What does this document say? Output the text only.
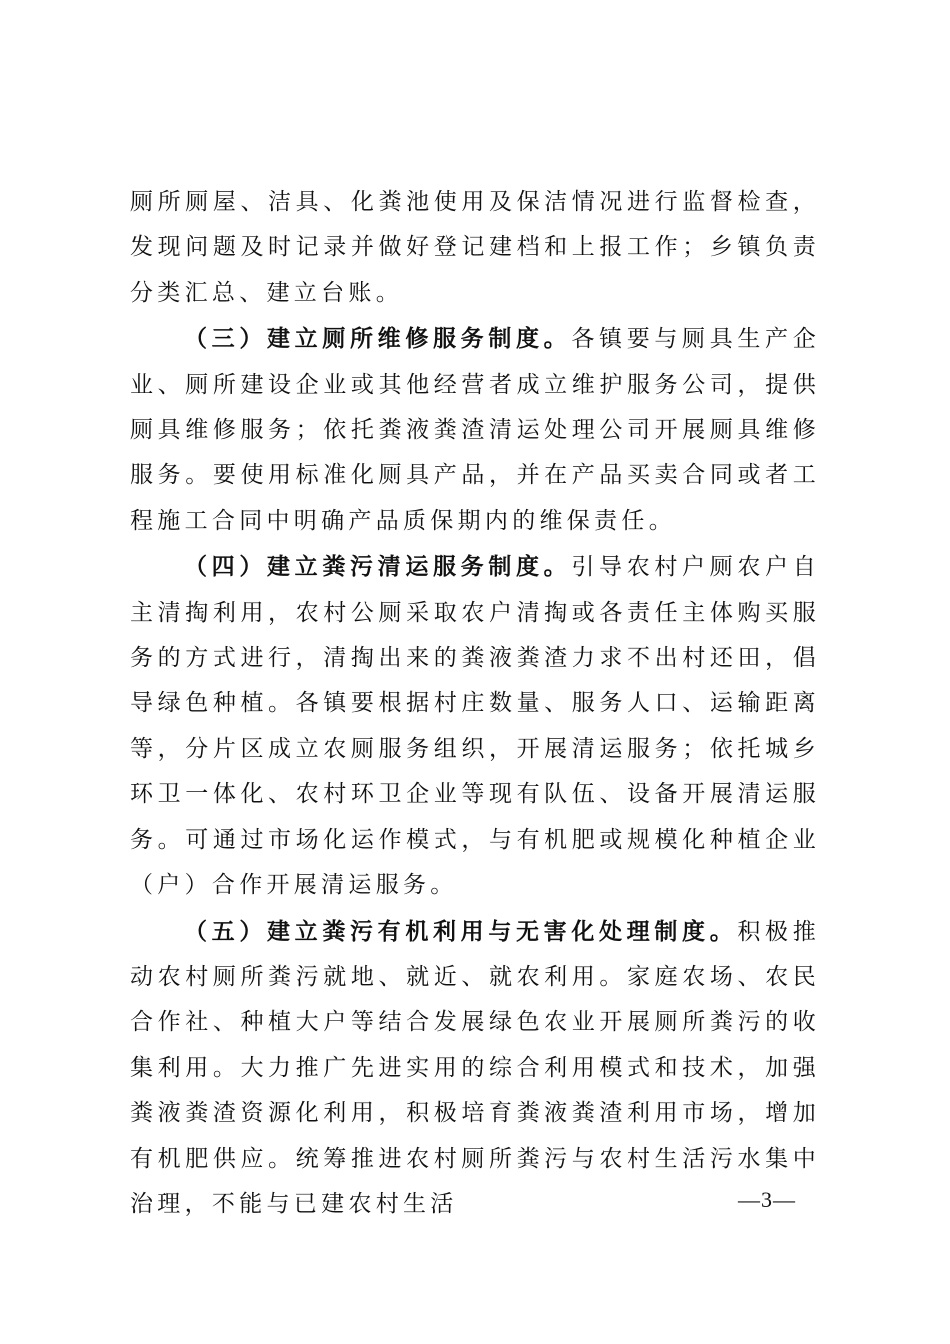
厕所厕屋、洁具、化粪池使用及保洁情况进行监督检查，发现问题及时记录并做好登记建档和上报工作；乡镇负责分类汇总、建立台账。

（三）建立厕所维修服务制度。各镇要与厕具生产企业、厕所建设企业或其他经营者成立维护服务公司，提供厕具维修服务；依托粪液粪渣清运处理公司开展厕具维修服务。要使用标准化厕具产品，并在产品买卖合同或者工程施工合同中明确产品质保期内的维保责任。

（四）建立粪污清运服务制度。引导农村户厕农户自主清掏利用，农村公厕采取农户清掏或各责任主体购买服务的方式进行，清掏出来的粪液粪渣力求不出村还田，倡导绿色种植。各镇要根据村庄数量、服务人口、运输距离等，分片区成立农厕服务组织，开展清运服务；依托城乡环卫一体化、农村环卫企业等现有队伍、设备开展清运服务。可通过市场化运作模式，与有机肥或规模化种植企业（户）合作开展清运服务。

（五）建立粪污有机利用与无害化处理制度。积极推动农村厕所粪污就地、就近、就农利用。家庭农场、农民合作社、种植大户等结合发展绿色农业开展厕所粪污的收集利用。大力推广先进实用的综合利用模式和技术，加强粪液粪渣资源化利用，积极培育粪液粪渣利用市场，增加有机肥供应。统筹推进农村厕所粪污与农村生活污水集中治理，不能与已建农村生活	—3—
